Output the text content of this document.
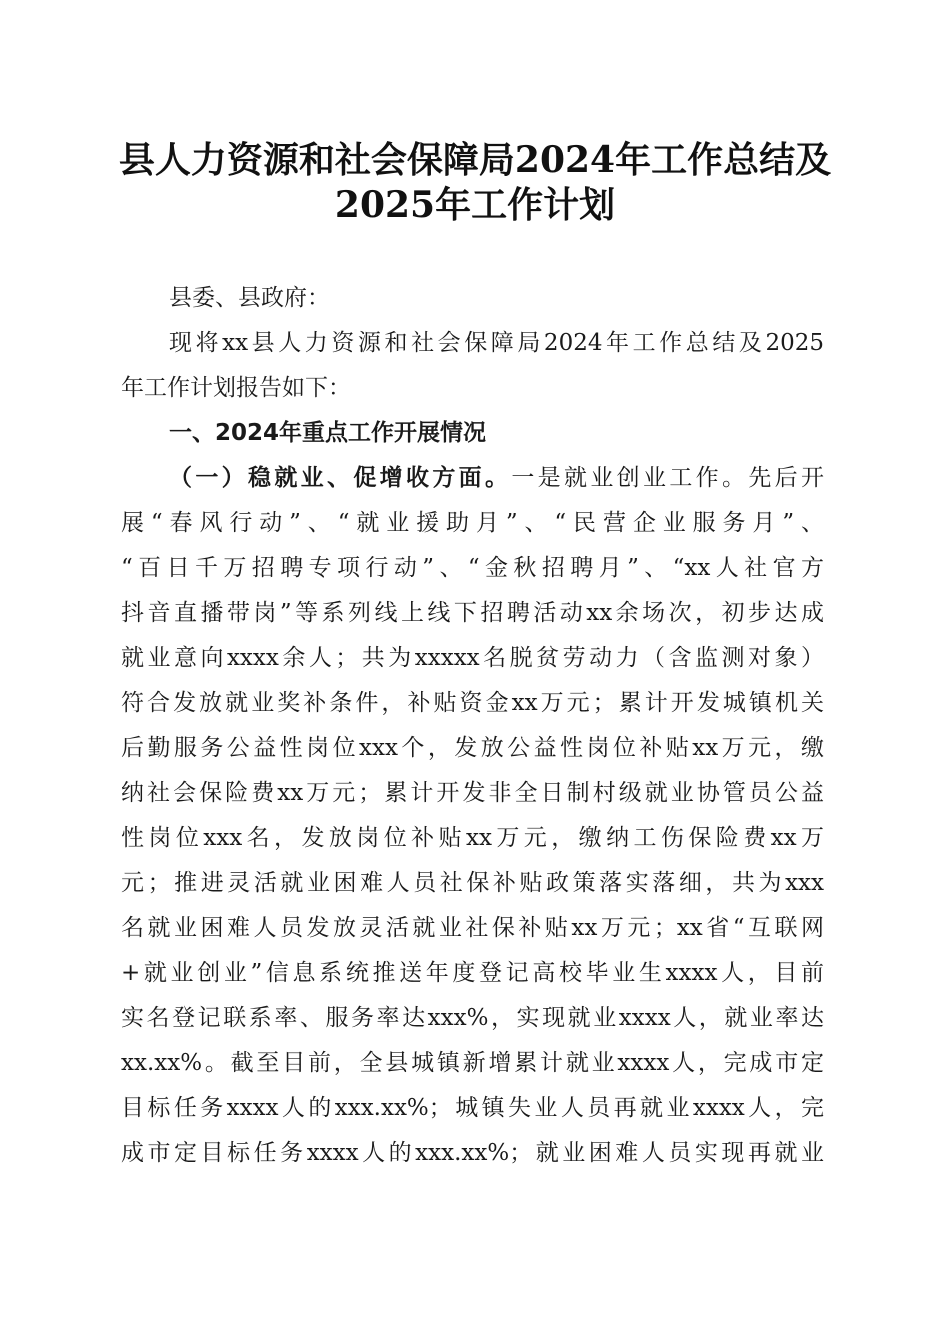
县人力资源和社会保障局2024年工作总结及
2025年工作计划
县委、县政府：
现将xx县人力资源和社会保障局2024年工作总结及2025
年工作计划报告如下：
一、2024年重点工作开展情况
（一）稳就业、促增收方面。一是就业创业工作。先后开
展“春风行动”、“就业援助月”、“民营企业服务月”、
“百日千万招聘专项行动”、“金秋招聘月”、“xx人社官方
抖音直播带岗”等系列线上线下招聘活动xx余场次，初步达成
就业意向xxxx余人；共为xxxxx名脱贫劳动力（含监测对象）
符合发放就业奖补条件，补贴资金xx万元；累计开发城镇机关
后勤服务公益性岗位xxx个，发放公益性岗位补贴xx万元，缴
纳社会保险费xx万元；累计开发非全日制村级就业协管员公益
性岗位xxx名，发放岗位补贴xx万元，缴纳工伤保险费xx万
元；推进灵活就业困难人员社保补贴政策落实落细，共为xxx
名就业困难人员发放灵活就业社保补贴xx万元；xx省“互联网
+就业创业”信息系统推送年度登记高校毕业生xxxx人，目前
实名登记联系率、服务率达xxx%，实现就业xxxx人，就业率达
xx.xx%。截至目前，全县城镇新增累计就业xxxx人，完成市定
目标任务xxxx人的xxx.xx%；城镇失业人员再就业xxxx人，完
成市定目标任务xxxx人的xxx.xx%；就业困难人员实现再就业
